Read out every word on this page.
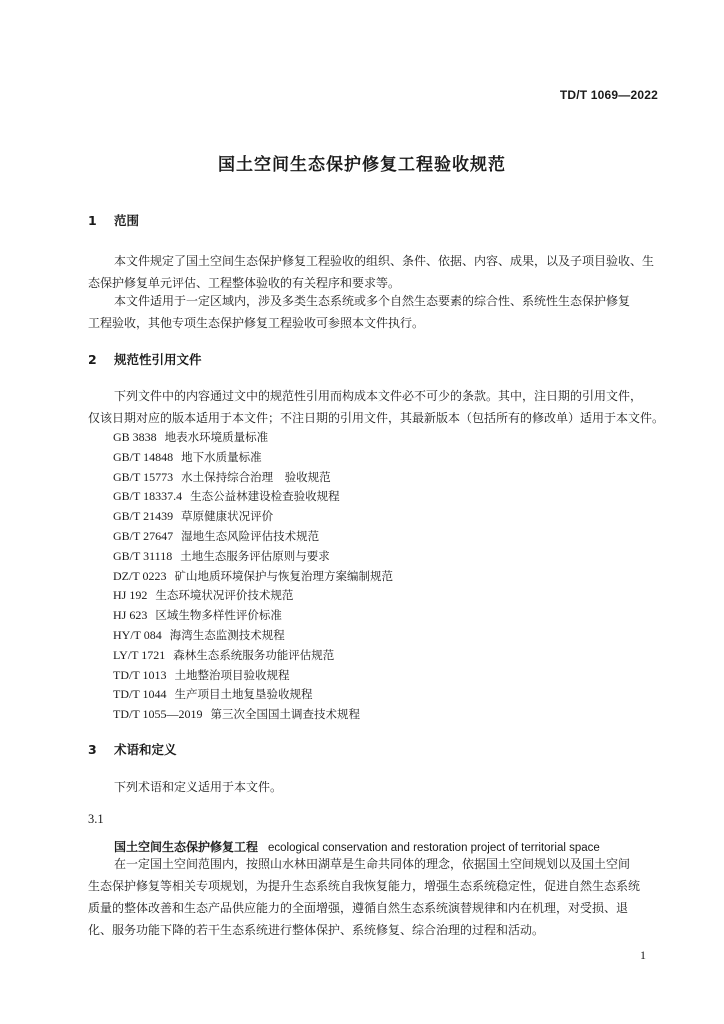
TD/T 1069—2022
国土空间生态保护修复工程验收规范
1 范围
本文件规定了国土空间生态保护修复工程验收的组织、条件、依据、内容、成果，以及子项目验收、生
态保护修复单元评估、工程整体验收的有关程序和要求等。
本文件适用于一定区域内，涉及多类生态系统或多个自然生态要素的综合性、系统性生态保护修复
工程验收，其他专项生态保护修复工程验收可参照本文件执行。
2 规范性引用文件
下列文件中的内容通过文中的规范性引用而构成本文件必不可少的条款。其中，注日期的引用文件，
仅该日期对应的版本适用于本文件；不注日期的引用文件，其最新版本（包括所有的修改单）适用于本文件。
GB 3838 地表水环境质量标准
GB/T 14848 地下水质量标准
GB/T 15773 水土保持综合治理　验收规范
GB/T 18337.4 生态公益林建设检查验收规程
GB/T 21439 草原健康状况评价
GB/T 27647 湿地生态风险评估技术规范
GB/T 31118 土地生态服务评估原则与要求
DZ/T 0223 矿山地质环境保护与恢复治理方案编制规范
HJ 192 生态环境状况评价技术规范
HJ 623 区域生物多样性评价标准
HY/T 084 海湾生态监测技术规程
LY/T 1721 森林生态系统服务功能评估规范
TD/T 1013 土地整治项目验收规程
TD/T 1044 生产项目土地复垦验收规程
TD/T 1055—2019 第三次全国国土调查技术规程
3 术语和定义
下列术语和定义适用于本文件。
3.1
国土空间生态保护修复工程 ecological conservation and restoration project of territorial space
在一定国土空间范围内，按照山水林田湖草是生命共同体的理念，依据国土空间规划以及国土空间
生态保护修复等相关专项规划，为提升生态系统自我恢复能力，增强生态系统稳定性，促进自然生态系统
质量的整体改善和生态产品供应能力的全面增强，遵循自然生态系统演替规律和内在机理，对受损、退
化、服务功能下降的若干生态系统进行整体保护、系统修复、综合治理的过程和活动。
1
